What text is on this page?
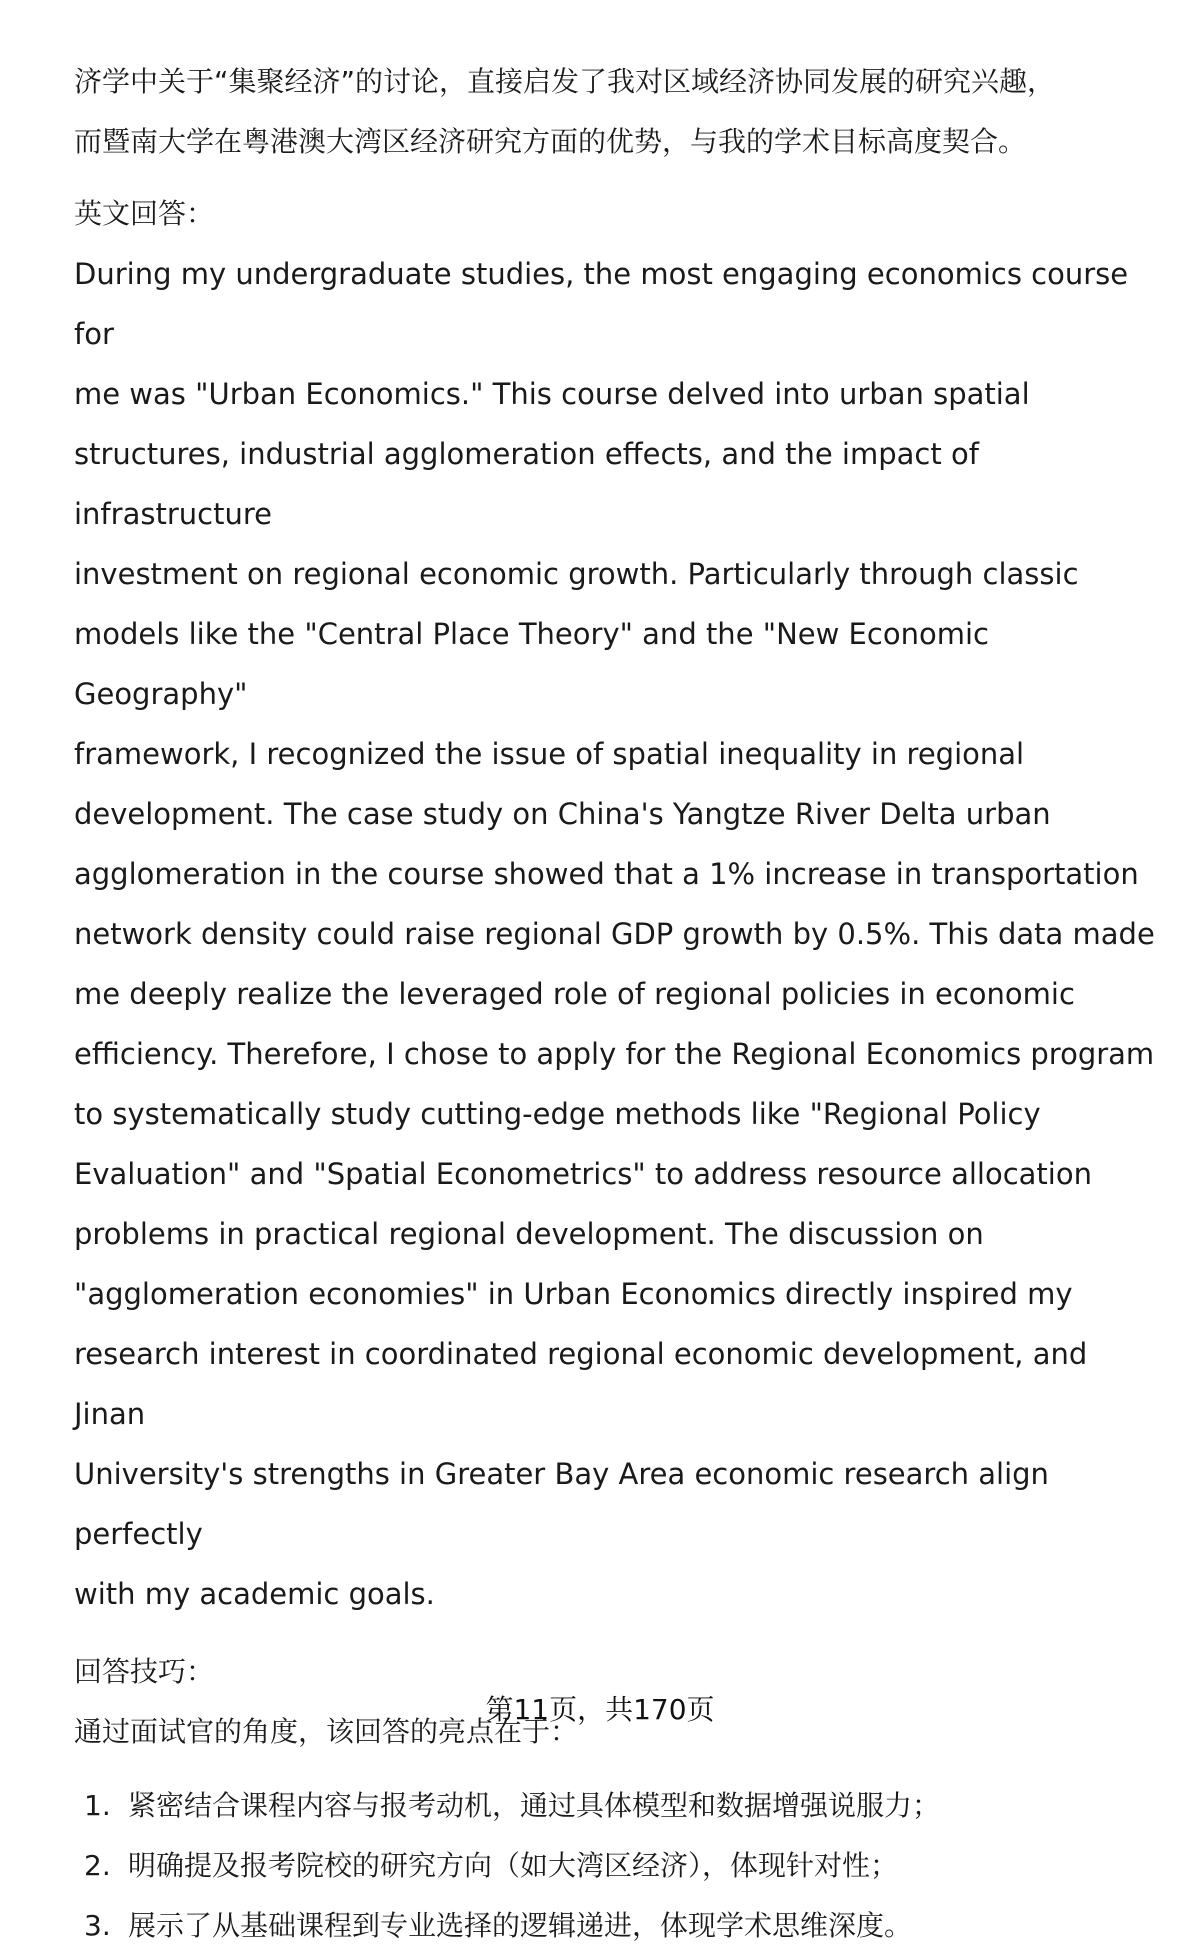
济学中关于“集聚经济”的讨论，直接启发了我对区域经济协同发展的研究兴趣，
而暨南大学在粤港澳大湾区经济研究方面的优势，与我的学术目标高度契合。

英文回答：

During my undergraduate studies, the most engaging economics course for
me was "Urban Economics." This course delved into urban spatial
structures, industrial agglomeration effects, and the impact of infrastructure
investment on regional economic growth. Particularly through classic
models like the "Central Place Theory" and the "New Economic Geography"
framework, I recognized the issue of spatial inequality in regional
development. The case study on China's Yangtze River Delta urban
agglomeration in the course showed that a 1% increase in transportation
network density could raise regional GDP growth by 0.5%. This data made
me deeply realize the leveraged role of regional policies in economic
efficiency. Therefore, I chose to apply for the Regional Economics program
to systematically study cutting-edge methods like "Regional Policy
Evaluation" and "Spatial Econometrics" to address resource allocation
problems in practical regional development. The discussion on
"agglomeration economies" in Urban Economics directly inspired my
research interest in coordinated regional economic development, and Jinan
University's strengths in Greater Bay Area economic research align perfectly
with my academic goals.

回答技巧：
通过面试官的角度，该回答的亮点在于：
1. 紧密结合课程内容与报考动机，通过具体模型和数据增强说服力；
2. 明确提及报考院校的研究方向（如大湾区经济），体现针对性；
3. 展示了从基础课程到专业选择的逻辑递进，体现学术思维深度。
第11页，共170页
